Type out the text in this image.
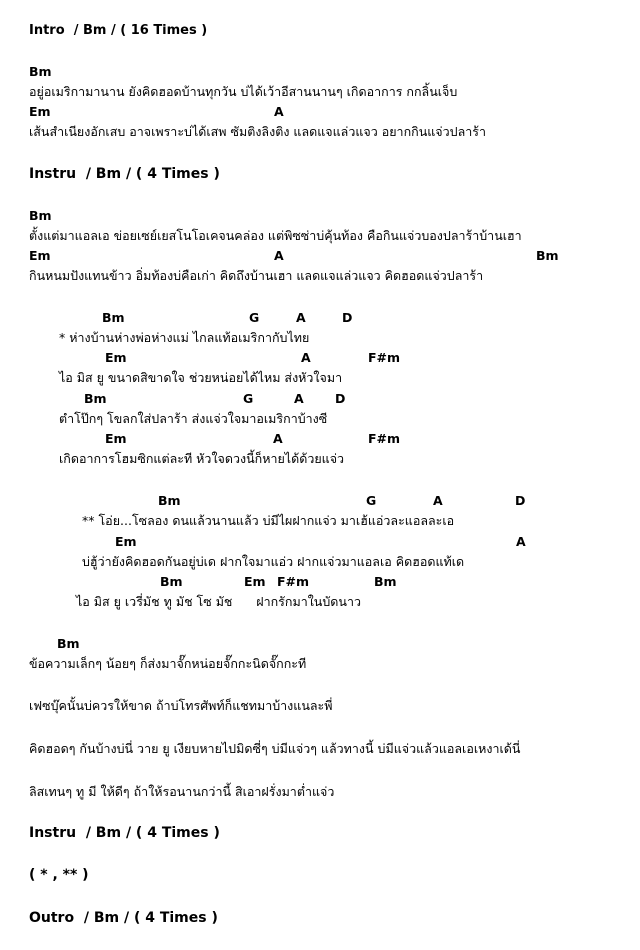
Intro  / Bm / ( 16 Times )
Bm
อยู่อเมริกามานาน ยังคิดฮอดบ้านทุกวัน บ่ได้เว้าอีสานนานๆ เกิดอาการ กกลิ้นเจ็บ
Em	A
เส้นสำเนียงอักเสบ อาจเพราะบ่ได้เสพ ซัมติงลิงติง แลดแจแล่วแจว อยากกินแจ่วปลาร้า
Instru  / Bm / ( 4 Times )
Bm
ตั้งแต่มาแอลเอ ข่อยเซย์เยสโนโอเคจนคล่อง แต่พิซซ่าบ่คุ้นท้อง คือกินแจ่วบองปลาร้าบ้านเฮา
Em	A	Bm
กินหนมปังแทนข้าว อิ่มท้องบ่คือเก่า คิดถึงบ้านเฮา แลดแจแล่วแจว คิดฮอดแจ่วปลาร้า
Bm	G	A	D
* ห่างบ้านห่างพ่อห่างแม่ ไกลแท้อเมริกากับไทย
Em	A	F#m
ไอ มิส ยู ขนาดสิขาดใจ ช่วยหน่อยได้ไหม ส่งหัวใจมา
Bm	G	A	D
ตำโป๊กๆ โขลกใส่ปลาร้า ส่งแจ่วใจมาอเมริกาบ้างซี
Em	A	F#m
เกิดอาการโฮมซิกแต่ละที หัวใจดวงนี้ก็หายได้ด้วยแจ่ว
Bm	G	A	D
** โอ่ย...โซลอง ดนแล้วนานแล้ว บ่มีไผฝากแจ่ว มาเฮ้แอ่วละแอลละเอ
Em	A
บ่ฮู้ว่ายังคิดฮอดกันอยู่บ่เด ฝากใจมาแอ่ว ฝากแจ่วมาแอลเอ คิดฮอดแท้เด
Bm	Em F#m	Bm
ไอ มิส ยู เวรี่มัช ทู มัช โซ มัช      ฝากรักมาในบัดนาว
Bm
ข้อความเล็กๆ น้อยๆ ก็ส่งมาจั๊กหน่อยจั๊กกะนิดจั๊กกะที
เฟซบุ๊คนั้นบ่ควรให้ขาด ถ้าบ่โทรศัพท์ก็แชทมาบ้างแนละพี่
คิดฮอดๆ กันบ้างบ่นี่ วาย ยู เงียบหายไปมิดซี่ๆ บ่มีแจ่วๆ แล้วทางนี้ บ่มีแจ่วแล้วแอลเอเหงาเด้นี่
ลิสเทนๆ ทู มี ให้ดีๆ ถ้าให้รอนานกว่านี้ สิเอาฝรั่งมาต่ำแจ่ว
Instru  / Bm / ( 4 Times )
( * , ** )
Outro  / Bm / ( 4 Times )
